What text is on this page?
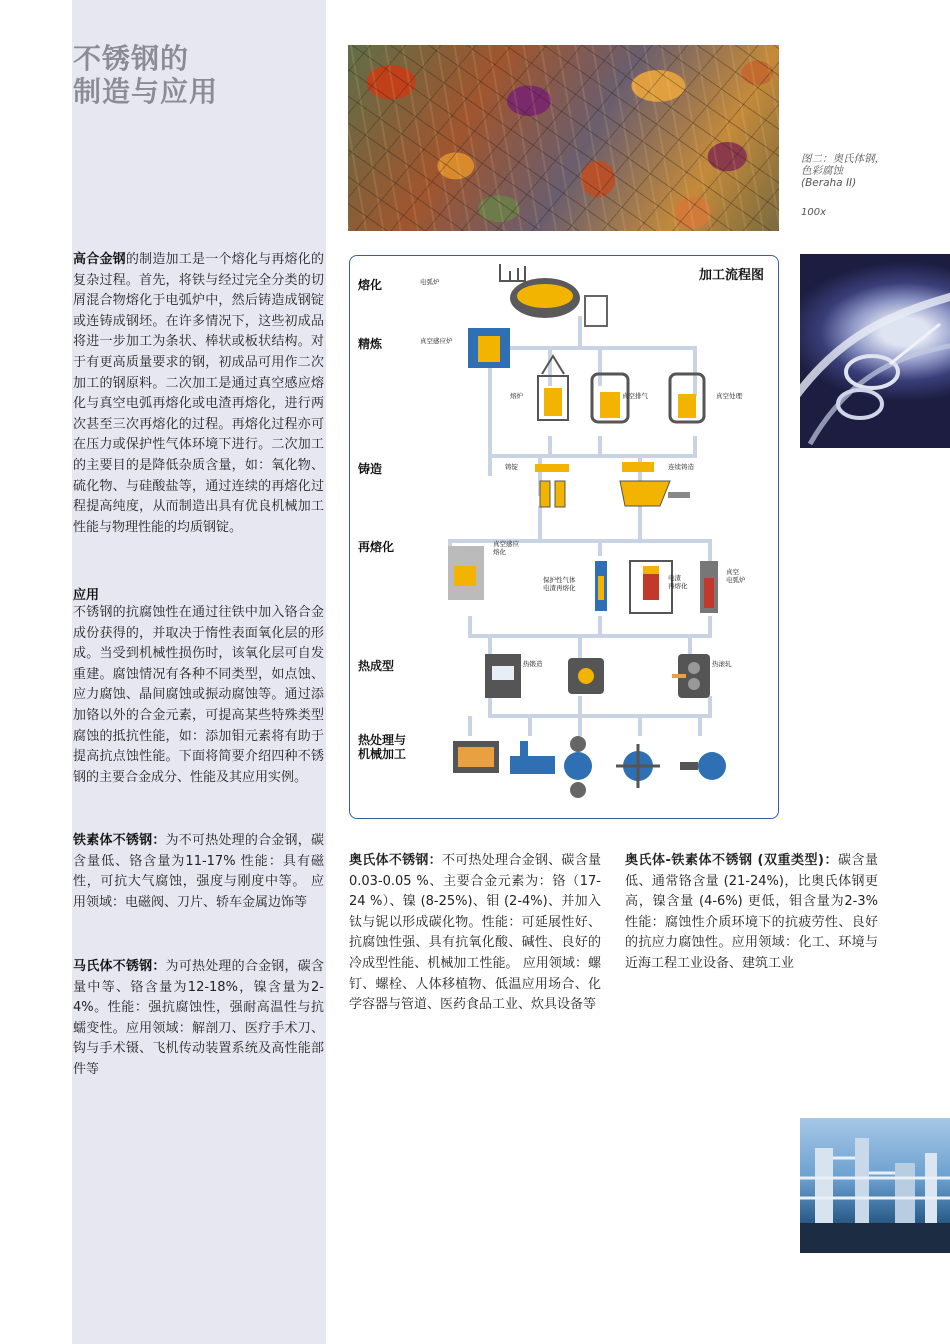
不锈钢的
制造与应用
图二：奥氏体钢，色彩腐蚀 (Beraha II)
100x
高合金钢的制造加工是一个熔化与再熔化的复杂过程。首先，将铁与经过完全分类的切屑混合物熔化于电弧炉中，然后铸造成钢锭或连铸成钢坯。在许多情况下，这些初成品将进一步加工为条状、棒状或板状结构。对于有更高质量要求的钢，初成品可用作二次加工的钢原料。二次加工是通过真空感应熔化与真空电弧再熔化或电渣再熔化，进行两次甚至三次再熔化的过程。再熔化过程亦可在压力或保护性气体环境下进行。二次加工的主要目的是降低杂质含量，如：氧化物、硫化物、与硅酸盐等，通过连续的再熔化过程提高纯度，从而制造出具有优良机械加工性能与物理性能的均质钢锭。
应用
不锈钢的抗腐蚀性在通过往铁中加入铬合金成份获得的，并取决于惰性表面氧化层的形成。当受到机械性损伤时，该氧化层可自发重建。腐蚀情况有各种不同类型，如点蚀、应力腐蚀、晶间腐蚀或振动腐蚀等。通过添加铬以外的合金元素，可提高某些特殊类型腐蚀的抵抗性能，如：添加钼元素将有助于提高抗点蚀性能。下面将简要介绍四种不锈钢的主要合金成分、性能及其应用实例。
铁素体不锈钢：为不可热处理的合金钢，碳含量低、铬含量为11-17% 性能：具有磁性，可抗大气腐蚀，强度与刚度中等。 应用领域：电磁阀、刀片、轿车金属边饰等
马氏体不锈钢：为可热处理的合金钢，碳含量中等、铬含量为12-18%，镍含量为2-4%。性能：强抗腐蚀性，强耐高温性与抗蠕变性。应用领域：解剖刀、医疗手术刀、钩与手术镊、飞机传动装置系统及高性能部件等
奥氏体不锈钢：不可热处理合金钢、碳含量0.03-0.05 %、主要合金元素为：铬（17-24 %）、镍 (8-25%)、钼 (2-4%)、并加入钛与铌以形成碳化物。性能：可延展性好、抗腐蚀性强、具有抗氧化酸、碱性、良好的冷成型性能、机械加工性能。 应用领域：螺钉、螺栓、人体移植物、低温应用场合、化学容器与管道、医药食品工业、炊具设备等
奥氏体-铁素体不锈钢 (双重类型)：碳含量低、通常铬含量 (21-24%)，比奥氏体钢更高，镍含量 (4-6%) 更低，钼含量为2-3% 性能：腐蚀性介质环境下的抗疲劳性、良好的抗应力腐蚀性。应用领域：化工、环境与近海工程工业设备、建筑工业
加工流程图
熔化
精炼
铸造
再熔化
热成型
热处理与
机械加工
电弧炉
真空感应炉
熔炉	真空排气	真空处理
铸锭	连续铸造
真空感应
熔化
保护性气体
电渣再熔化
电渣
再熔化
真空
电弧炉
热锻造	热滚轧
